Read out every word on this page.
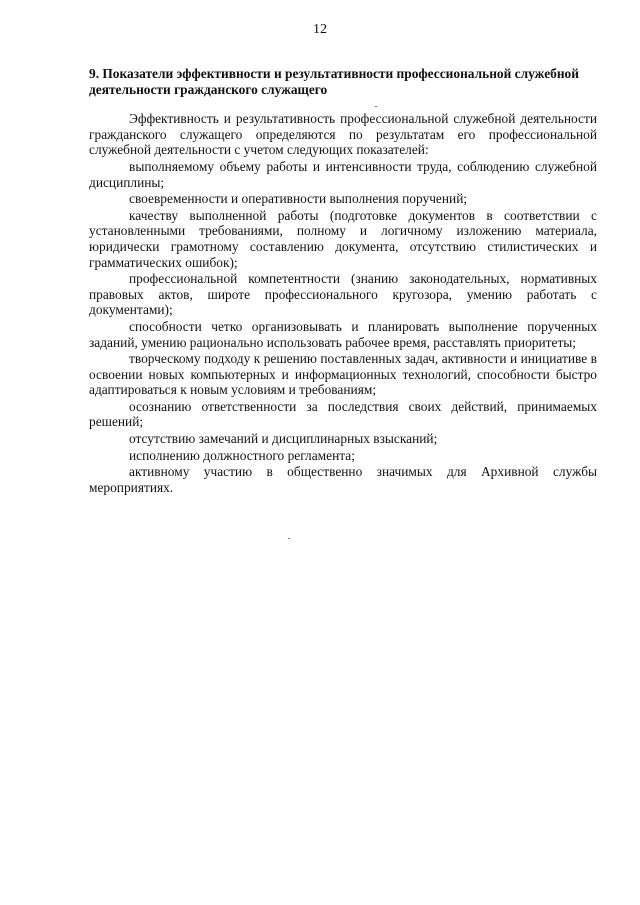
12
9. Показатели эффективности и результативности профессиональной служебной деятельности гражданского служащего

Эффективность и результативность профессиональной служебной деятельности гражданского служащего определяются по результатам его профессиональной служебной деятельности с учетом следующих показателей:

выполняемому объему работы и интенсивности труда, соблюдению служебной дисциплины;

своевременности и оперативности выполнения поручений;

качеству выполненной работы (подготовке документов в соответствии с установленными требованиями, полному и логичному изложению материала, юридически грамотному составлению документа, отсутствию стилистических и грамматических ошибок);

профессиональной компетентности (знанию законодательных, нормативных правовых актов, широте профессионального кругозора, умению работать с документами);

способности четко организовывать и планировать выполнение порученных заданий, умению рационально использовать рабочее время, расставлять приоритеты;

творческому подходу к решению поставленных задач, активности и инициативе в освоении новых компьютерных и информационных технологий, способности быстро адаптироваться к новым условиям и требованиям;

осознанию ответственности за последствия своих действий, принимаемых решений;

отсутствию замечаний и дисциплинарных взысканий;

исполнению должностного регламента;

активному участию в общественно значимых для Архивной службы мероприятиях.
